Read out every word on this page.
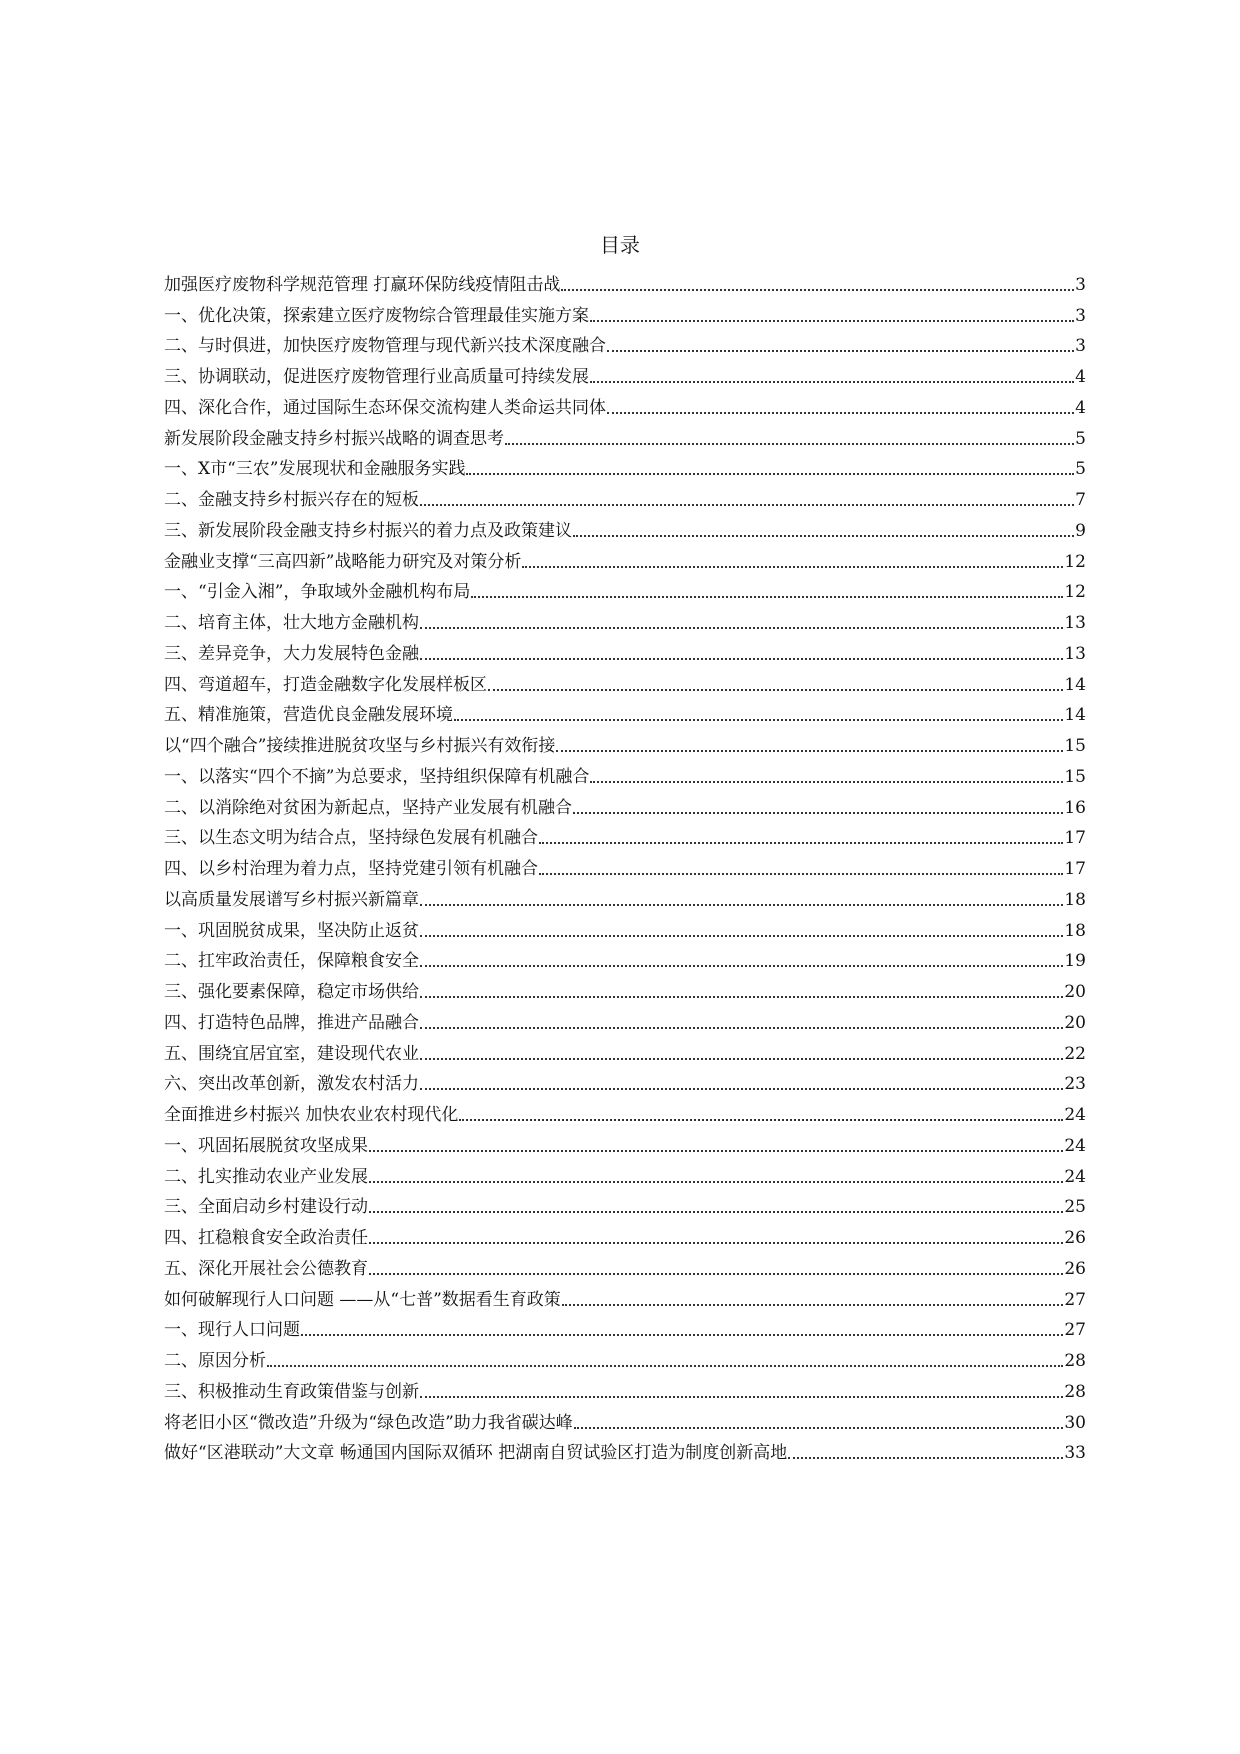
目录
加强医疗废物科学规范管理 打赢环保防线疫情阻击战	3
一、优化决策，探索建立医疗废物综合管理最佳实施方案	3
二、与时俱进，加快医疗废物管理与现代新兴技术深度融合	3
三、协调联动，促进医疗废物管理行业高质量可持续发展	4
四、深化合作，通过国际生态环保交流构建人类命运共同体	4
新发展阶段金融支持乡村振兴战略的调查思考	5
一、X市“三农”发展现状和金融服务实践	5
二、金融支持乡村振兴存在的短板	7
三、新发展阶段金融支持乡村振兴的着力点及政策建议	9
金融业支撑“三高四新”战略能力研究及对策分析	12
一、“引金入湘”，争取域外金融机构布局	12
二、培育主体，壮大地方金融机构	13
三、差异竞争，大力发展特色金融	13
四、弯道超车，打造金融数字化发展样板区	14
五、精准施策，营造优良金融发展环境	14
以“四个融合”接续推进脱贫攻坚与乡村振兴有效衔接	15
一、以落实“四个不摘”为总要求，坚持组织保障有机融合	15
二、以消除绝对贫困为新起点，坚持产业发展有机融合	16
三、以生态文明为结合点，坚持绿色发展有机融合	17
四、以乡村治理为着力点，坚持党建引领有机融合	17
以高质量发展谱写乡村振兴新篇章	18
一、巩固脱贫成果，坚决防止返贫	18
二、扛牢政治责任，保障粮食安全	19
三、强化要素保障，稳定市场供给	20
四、打造特色品牌，推进产品融合	20
五、围绕宜居宜室，建设现代农业	22
六、突出改革创新，激发农村活力	23
全面推进乡村振兴 加快农业农村现代化	24
一、巩固拓展脱贫攻坚成果	24
二、扎实推动农业产业发展	24
三、全面启动乡村建设行动	25
四、扛稳粮食安全政治责任	26
五、深化开展社会公德教育	26
如何破解现行人口问题 ——从“七普”数据看生育政策	27
一、现行人口问题	27
二、原因分析	28
三、积极推动生育政策借鉴与创新	28
将老旧小区“微改造”升级为“绿色改造”助力我省碳达峰	30
做好“区港联动”大文章 畅通国内国际双循环 把湖南自贸试验区打造为制度创新高地	33
